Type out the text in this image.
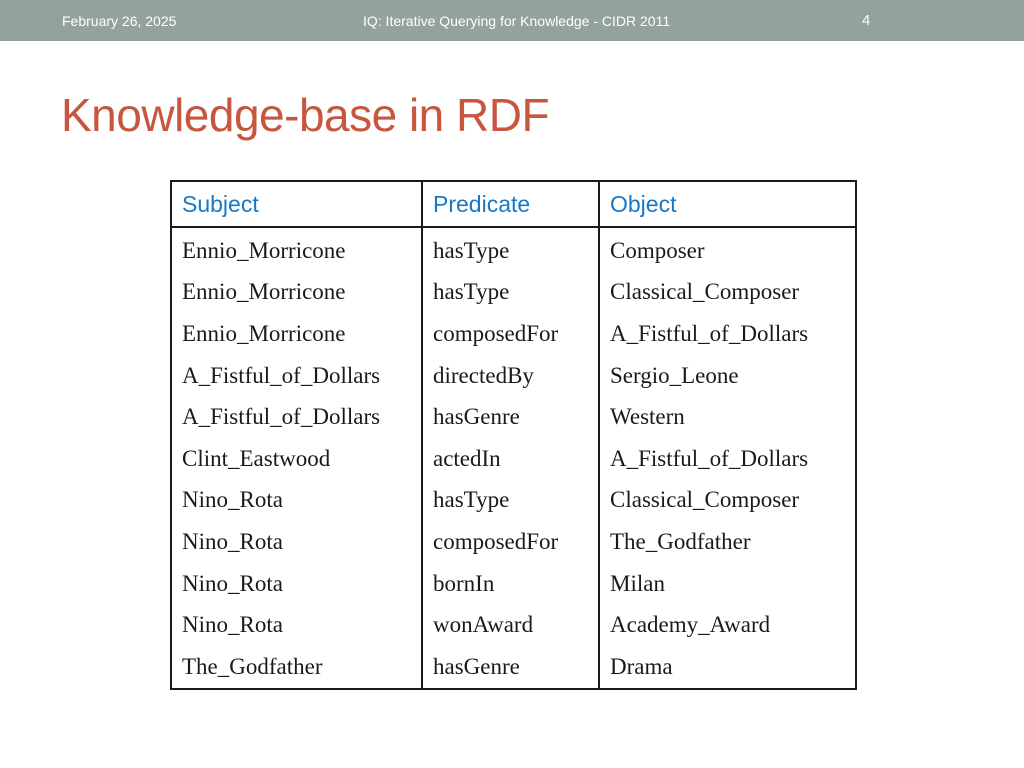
February 26, 2025	IQ: Iterative Querying for Knowledge - CIDR 2011	4
Knowledge-base in RDF
Subject	Predicate	Object
Ennio_Morricone	hasType	Composer
Ennio_Morricone	hasType	Classical_Composer
Ennio_Morricone	composedFor	A_Fistful_of_Dollars
A_Fistful_of_Dollars	directedBy	Sergio_Leone
A_Fistful_of_Dollars	hasGenre	Western
Clint_Eastwood	actedIn	A_Fistful_of_Dollars
Nino_Rota	hasType	Classical_Composer
Nino_Rota	composedFor	The_Godfather
Nino_Rota	bornIn	Milan
Nino_Rota	wonAward	Academy_Award
The_Godfather	hasGenre	Drama
